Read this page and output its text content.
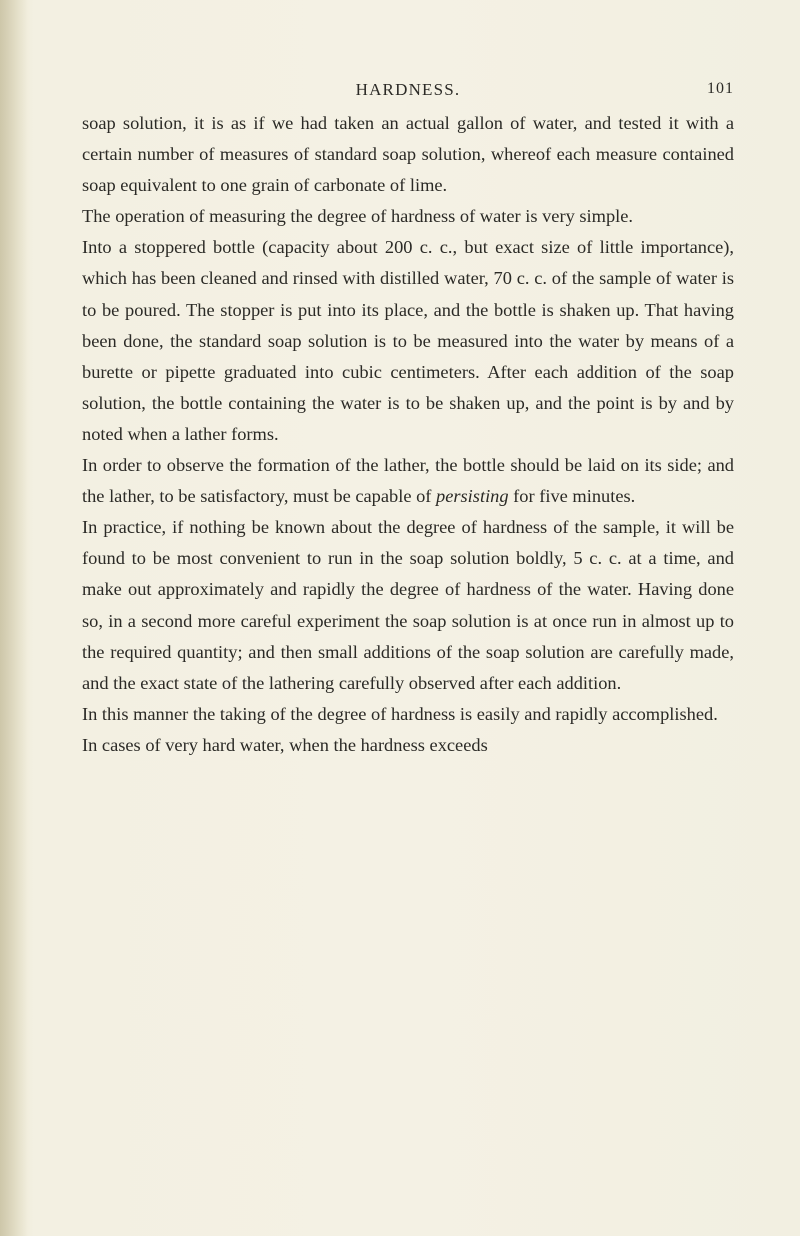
HARDNESS.	101

soap solution, it is as if we had taken an actual gallon of water, and tested it with a certain number of measures of standard soap solution, whereof each measure contained soap equivalent to one grain of carbonate of lime.

The operation of measuring the degree of hardness of water is very simple.

Into a stoppered bottle (capacity about 200 c. c., but exact size of little importance), which has been cleaned and rinsed with distilled water, 70 c. c. of the sample of water is to be poured. The stopper is put into its place, and the bottle is shaken up. That having been done, the standard soap solution is to be measured into the water by means of a burette or pipette graduated into cubic centimeters. After each addition of the soap solution, the bottle containing the water is to be shaken up, and the point is by and by noted when a lather forms.

In order to observe the formation of the lather, the bottle should be laid on its side; and the lather, to be satisfactory, must be capable of persisting for five minutes.

In practice, if nothing be known about the degree of hardness of the sample, it will be found to be most convenient to run in the soap solution boldly, 5 c. c. at a time, and make out approximately and rapidly the degree of hardness of the water. Having done so, in a second more careful experiment the soap solution is at once run in almost up to the required quantity; and then small additions of the soap solution are carefully made, and the exact state of the lathering carefully observed after each addition.

In this manner the taking of the degree of hardness is easily and rapidly accomplished.

In cases of very hard water, when the hardness exceeds
